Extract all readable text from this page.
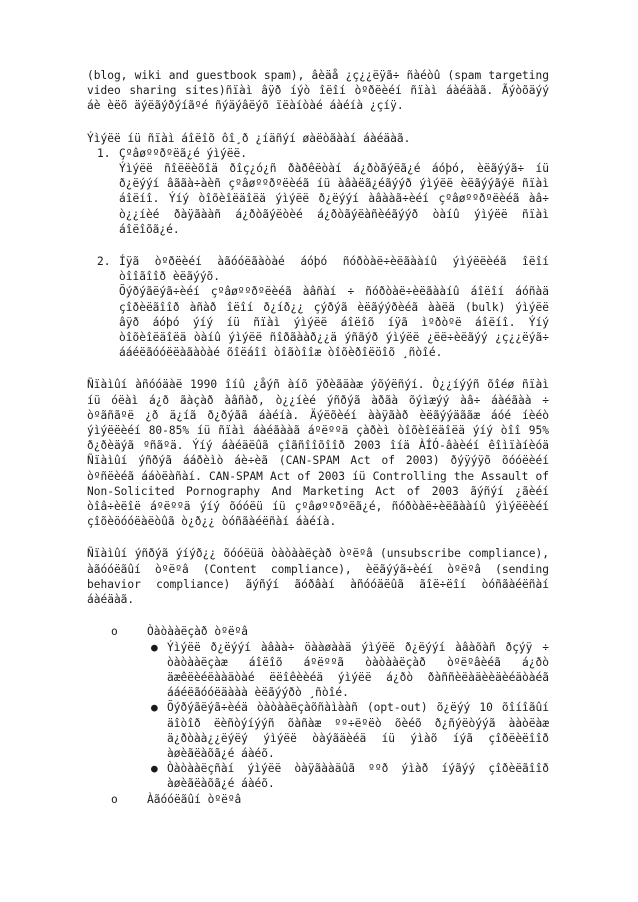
(blog, wiki and guestbook spam), âèäå ¿ç¿¿ëÿã÷ ñàéòû (spam targeting video sharing sites)ñïàì âÿð íýò îëîí òºðëèéí ñïàì áàéäàã. Ãýòõäýý áè èëõ äýëãýðýíãºé ñýäýâëýõ ïëàíòàé áàéíà ¿çíÿ.

Ýìýëë íü ñïàì áîëîõ ôî¸ð ¿íäñýí øàëòãààí áàéäàã.

1. Çºâøººðºëã¿é ýìýëë.

Ýìýëë ñîëëèõîä ðîç¿ó¿ñ ðàðêëòàí á¿ðòãýëã¿é áóþó, èëãýýã÷ íü ð¿ëýýí âããà÷àèñ çºâøººðºëèéã íü àâàëã¿éãýýð ýìýëë èëãýýãýë ñïàì áîëíî. Ýíý òîõèîëäîëä ýìýëë ð¿ëýýí àâààã÷èéí çºâøººðºëèéã àâ÷ ò¿¿íèé ðàÿãààñ á¿ðòãýëòèé á¿ðòãýëàñèéãýýð òàíû ýìýëë ñïàì áîëîõã¿é.

2. Íÿã òºðëèéí àãóóëãàòàé áóþó ñóðòàë÷èëãààíû ýìýëëèéã îëîí òîîãîîð èëãýýõ.

Õýðýãëýã÷èéí çºâøººðºëèéã àâñàí ÷ ñóðòàë÷èëãààíû áîëîí áóñàä çîðèëãîîð àñàð îëîí ð¿íð¿¿ çýðýã èëãýýðèéã ààëä (bulk) ýìýëë âÿð áóþó ýíý íü ñïàì ýìýëë áîëîõ íÿã ìºðòºë áîëíî. Ýíý òîõèîëäîëä òàíû ýìýëë ñîðãààð¿¿ä ýñãýð ýìýëë ¿ëë÷èëãýý ¿ç¿¿ëýã÷ ááéëãóóëëàãàòàé õîëáîî òîãòîîæ òîõèðîëöîõ ¸ñòîé.

Ñïàìûí àñóóäàë 1990 îíû ¿åýñ àíõ ÿðèãäàæ ýõýëñýí. Ò¿¿íýýñ õîéø ñïàì íü óëàì á¿ð ãàçàð àâñàð, ò¿¿íèé ýñðýã àðãà õýìæýý àâ÷ áàéãàà ÷ òºãñãºë ¿ð ä¿íã ð¿ðýãã áàéíà. Äýëõèéí ààÿãàð èëãýýäããæ áóé íèéò ýìýëëèéí 80-85% íü ñïàì áàéãààã áºëººä çàðèì òîõèîëäîëä ýíý òîî 95% ð¿ðèäýã ºñãºä. Ýíý áàéäëûã çîãñîîõîîð 2003 îíä ÀÍÓ-âàèéí êîìïàíèóä Ñïàìûí ýñðýã ááðèìò áè÷èã (CAN-SPAM Act of 2003) ðýÿýÿõ õóóëèéí òºñëèéã ááòëàñàí. CAN-SPAM Act of 2003 íü Controlling the Assault of Non-Solicited Pornography And Marketing Act of 2003 ãýñýí ¿ãèéí òîâ÷èëîë áºëººä ýíý õóóëü íü çºâøººðºëã¿é, ñóðòàë÷èëãààíû ýìýëëèéí çîõèöóóëàëòûã ò¿ð¿¿ òóñãàéëñàí áàéíà.

Ñïàìûí ýñðýã ýíýð¿¿ õóóëüä òàòààëçàð òºëºâ (unsubscribe compliance), àãóóëãûí òºëºâ (Content compliance), èëãýýã÷èéí òºëºâ (sending behavior compliance) ãýñýí ãóðâàí àñóóäëûã ãîë÷ëîí òóñãàéëñàí áàéäàã.

o	Òàòààëçàð òºëºâ

● Ýìýëë ð¿ëýýí àâàà÷ öààøààä ýìýëë ð¿ëýýí àâàõàñ ðçýÿ ÷ òàòààëçàæ áîëîõ áºëººã òàòààëçàð òºëºâèéã á¿ðò äæêëèéëààäòàé ëëîêèèéä ýìýëë á¿ðò ðàññèëàäèèäèéäòàéã ááéëãóóëäààà èëãýýðò ¸ñòîé.
● Õýðýãëýã÷èéä òàòààëçàõñàìààñ (opt-out) õ¿ëýý 10 õîíîãûí äîòîð ëèñòýíýýñ õàñàæ ºº÷ëºëò õèéõ ð¿ñýëòýýã ààòëàæ ä¿ðòàà¿¿ëýëý ýìýëë òàýãäèéä íü ýìàõ íýã çîðëèëîîð àøèãëàõã¿é áàéõ.
● Òàòààëçñàí ýìýëë òàÿãààäûã ººð ýìàð íýãýý çîðèëãîîð àøèãëàõã¿é áàéõ.
o	Àãóóëãûí òºëºâ
